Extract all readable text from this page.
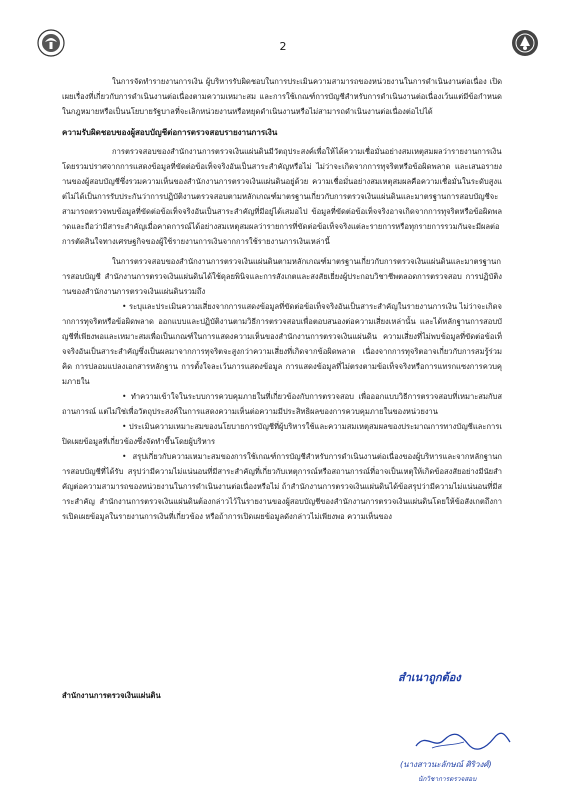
2

ในการจัดทำรายงานการเงิน ผู้บริหารรับผิดชอบในการประเมินความสามารถของหน่วยงานในการดำเนินงานต่อเนื่อง เปิดเผยเรื่องที่เกี่ยวกับการดำเนินงานต่อเนื่องตามความเหมาะสม และการใช้เกณฑ์การบัญชีสำหรับการดำเนินงานต่อเนื่องเว้นแต่มีข้อกำหนดในกฎหมายหรือเป็นนโยบายรัฐบาลที่จะเลิกหน่วยงานหรือหยุดดำเนินงานหรือไม่สามารถดำเนินงานต่อเนื่องต่อไปได้

ความรับผิดชอบของผู้สอบบัญชีต่อการตรวจสอบรายงานการเงิน

การตรวจสอบของสำนักงานการตรวจเงินแผ่นดินมีวัตถุประสงค์เพื่อให้ได้ความเชื่อมั่นอย่างสมเหตุสมผลว่ารายงานการเงินโดยรวมปราศจากการแสดงข้อมูลที่ขัดต่อข้อเท็จจริงอันเป็นสาระสำคัญหรือไม่ ไม่ว่าจะเกิดจากการทุจริตหรือข้อผิดพลาด และเสนอรายงานของผู้สอบบัญชีซึ่งรวมความเห็นของสำนักงานการตรวจเงินแผ่นดินอยู่ด้วย ความเชื่อมั่นอย่างสมเหตุสมผลคือความเชื่อมั่นในระดับสูงแต่ไม่ได้เป็นการรับประกันว่าการปฏิบัติงานตรวจสอบตามหลักเกณฑ์มาตรฐานเกี่ยวกับการตรวจเงินแผ่นดินและมาตรฐานการสอบบัญชีจะสามารถตรวจพบข้อมูลที่ขัดต่อข้อเท็จจริงอันเป็นสาระสำคัญที่มีอยู่ได้เสมอไป ข้อมูลที่ขัดต่อข้อเท็จจริงอาจเกิดจากการทุจริตหรือข้อผิดพลาดและถือว่ามีสาระสำคัญเมื่อคาดการณ์ได้อย่างสมเหตุสมผลว่ารายการที่ขัดต่อข้อเท็จจริงแต่ละรายการหรือทุกรายการรวมกันจะมีผลต่อการตัดสินใจทางเศรษฐกิจของผู้ใช้รายงานการเงินจากการใช้รายงานการเงินเหล่านี้

ในการตรวจสอบของสำนักงานการตรวจเงินแผ่นดินตามหลักเกณฑ์มาตรฐานเกี่ยวกับการตรวจเงินแผ่นดินและมาตรฐานการสอบบัญชี สำนักงานการตรวจเงินแผ่นดินได้ใช้ดุลยพินิจและการสังเกตและสงสัยเยี่ยงผู้ประกอบวิชาชีพตลอดการตรวจสอบ การปฏิบัติงานของสำนักงานการตรวจเงินแผ่นดินรวมถึง

• ระบุและประเมินความเสี่ยงจากการแสดงข้อมูลที่ขัดต่อข้อเท็จจริงอันเป็นสาระสำคัญในรายงานการเงิน ไม่ว่าจะเกิดจากการทุจริตหรือข้อผิดพลาด ออกแบบและปฏิบัติงานตามวิธีการตรวจสอบเพื่อตอบสนองต่อความเสี่ยงเหล่านั้น และได้หลักฐานการสอบบัญชีที่เพียงพอและเหมาะสมเพื่อเป็นเกณฑ์ในการแสดงความเห็นของสำนักงานการตรวจเงินแผ่นดิน ความเสี่ยงที่ไม่พบข้อมูลที่ขัดต่อข้อเท็จจริงอันเป็นสาระสำคัญซึ่งเป็นผลมาจากการทุจริตจะสูงกว่าความเสี่ยงที่เกิดจากข้อผิดพลาด เนื่องจากการทุจริตอาจเกี่ยวกับการสมรู้ร่วมคิด การปลอมแปลงเอกสารหลักฐาน การตั้งใจละเว้นการแสดงข้อมูล การแสดงข้อมูลที่ไม่ตรงตามข้อเท็จจริงหรือการแทรกแซงการควบคุมภายใน

• ทำความเข้าใจในระบบการควบคุมภายในที่เกี่ยวข้องกับการตรวจสอบ เพื่อออกแบบวิธีการตรวจสอบที่เหมาะสมกับสถานการณ์ แต่ไม่ใช่เพื่อวัตถุประสงค์ในการแสดงความเห็นต่อความมีประสิทธิผลของการควบคุมภายในของหน่วยงาน

• ประเมินความเหมาะสมของนโยบายการบัญชีที่ผู้บริหารใช้และความสมเหตุสมผลของประมาณการทางบัญชีและการเปิดเผยข้อมูลที่เกี่ยวข้องซึ่งจัดทำขึ้นโดยผู้บริหาร

• สรุปเกี่ยวกับความเหมาะสมของการใช้เกณฑ์การบัญชีสำหรับการดำเนินงานต่อเนื่องของผู้บริหารและจากหลักฐานการสอบบัญชีที่ได้รับ สรุปว่ามีความไม่แน่นอนที่มีสาระสำคัญที่เกี่ยวกับเหตุการณ์หรือสถานการณ์ที่อาจเป็นเหตุให้เกิดข้อสงสัยอย่างมีนัยสำคัญต่อความสามารถของหน่วยงานในการดำเนินงานต่อเนื่องหรือไม่ ถ้าสำนักงานการตรวจเงินแผ่นดินได้ข้อสรุปว่ามีความไม่แน่นอนที่มีสาระสำคัญ สำนักงานการตรวจเงินแผ่นดินต้องกล่าวไว้ในรายงานของผู้สอบบัญชีของสำนักงานการตรวจเงินแผ่นดินโดยให้ข้อสังเกตถึงการเปิดเผยข้อมูลในรายงานการเงินที่เกี่ยวข้อง หรือถ้าการเปิดเผยข้อมูลดังกล่าวไม่เพียงพอ ความเห็นของ

สำนักงานการตรวจเงินแผ่นดิน
สำเนาถูกต้อง
(นางสาวนะลักษณ์ ศิริวงศ์)
นักวิชาการตรวจสอบ
